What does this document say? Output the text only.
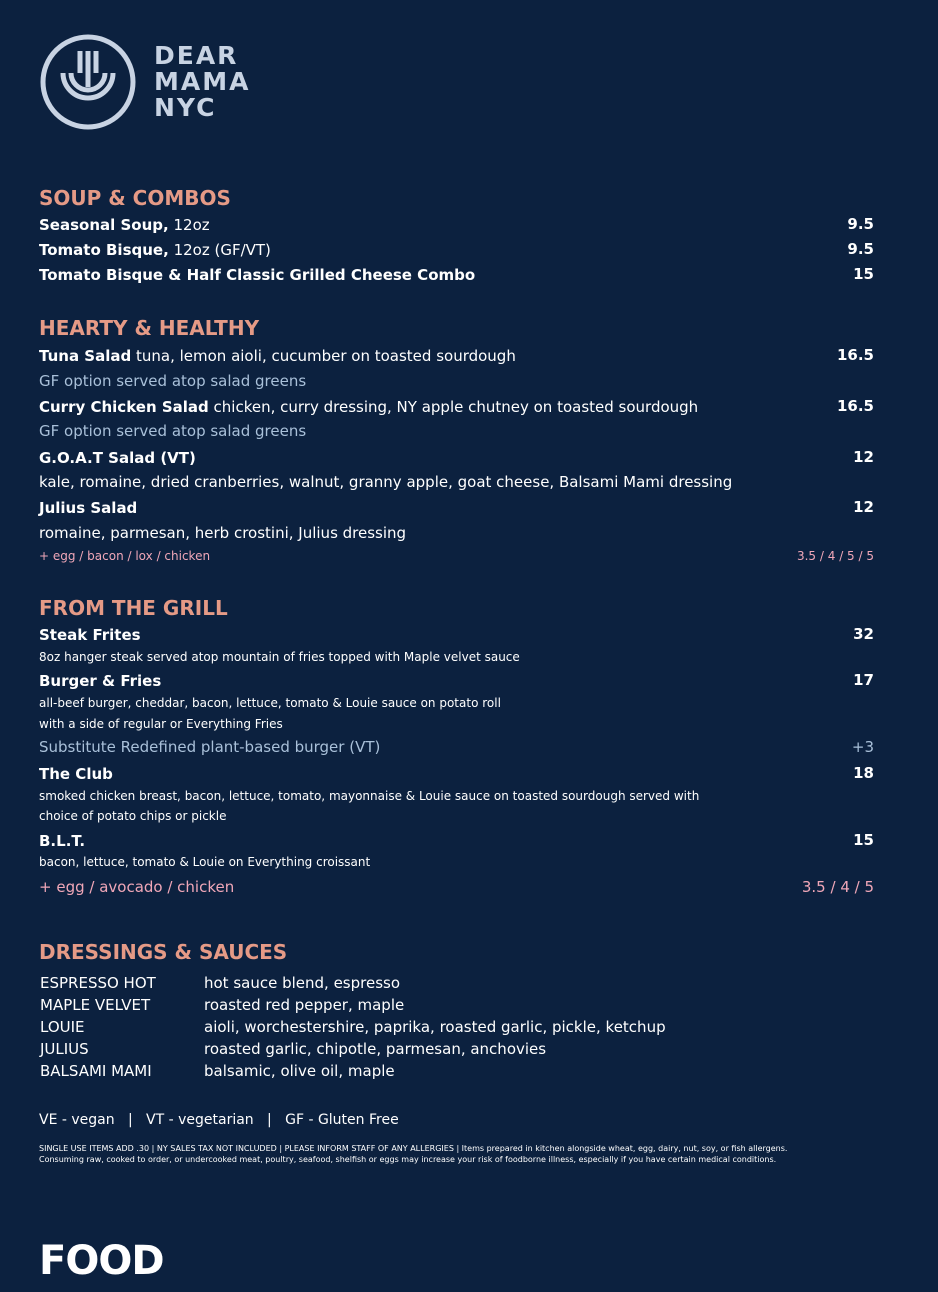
DEAR
MAMA
NYC
SOUP & COMBOS
Seasonal Soup, 12oz	9.5
Tomato Bisque, 12oz (GF/VT)	9.5
Tomato Bisque & Half Classic Grilled Cheese Combo	15
HEARTY & HEALTHY
Tuna Salad tuna, lemon aioli, cucumber on toasted sourdough	16.5
GF option served atop salad greens
Curry Chicken Salad chicken, curry dressing, NY apple chutney on toasted sourdough	16.5
GF option served atop salad greens
G.O.A.T Salad (VT)	12
kale, romaine, dried cranberries, walnut, granny apple, goat cheese, Balsami Mami dressing
Julius Salad	12
romaine, parmesan, herb crostini, Julius dressing
+ egg / bacon / lox / chicken	3.5 / 4 / 5 / 5
FROM THE GRILL
Steak Frites	32
8oz hanger steak served atop mountain of fries topped with Maple velvet sauce
Burger & Fries	17
all-beef burger, cheddar, bacon, lettuce, tomato & Louie sauce on potato roll
with a side of regular or Everything Fries
Substitute Redefined plant-based burger (VT)	+3
The Club	18
smoked chicken breast, bacon, lettuce, tomato, mayonnaise & Louie sauce on toasted sourdough served with
choice of potato chips or pickle
B.L.T.	15
bacon, lettuce, tomato & Louie on Everything croissant
+ egg / avocado / chicken	3.5 / 4 / 5
DRESSINGS & SAUCES
ESPRESSO HOT	hot sauce blend, espresso
MAPLE VELVET	roasted red pepper, maple
LOUIE	aioli, worchestershire, paprika, roasted garlic, pickle, ketchup
JULIUS	roasted garlic, chipotle, parmesan, anchovies
BALSAMI MAMI	balsamic, olive oil, maple
VE - vegan   |   VT - vegetarian   |   GF - Gluten Free
SINGLE USE ITEMS ADD .30 | NY SALES TAX NOT INCLUDED | PLEASE INFORM STAFF OF ANY ALLERGIES | Items prepared in kitchen alongside wheat, egg, dairy, nut, soy, or fish allergens.
Consuming raw, cooked to order, or undercooked meat, poultry, seafood, shelfish or eggs may increase your risk of foodborne illness, especially if you have certain medical conditions.
FOOD
